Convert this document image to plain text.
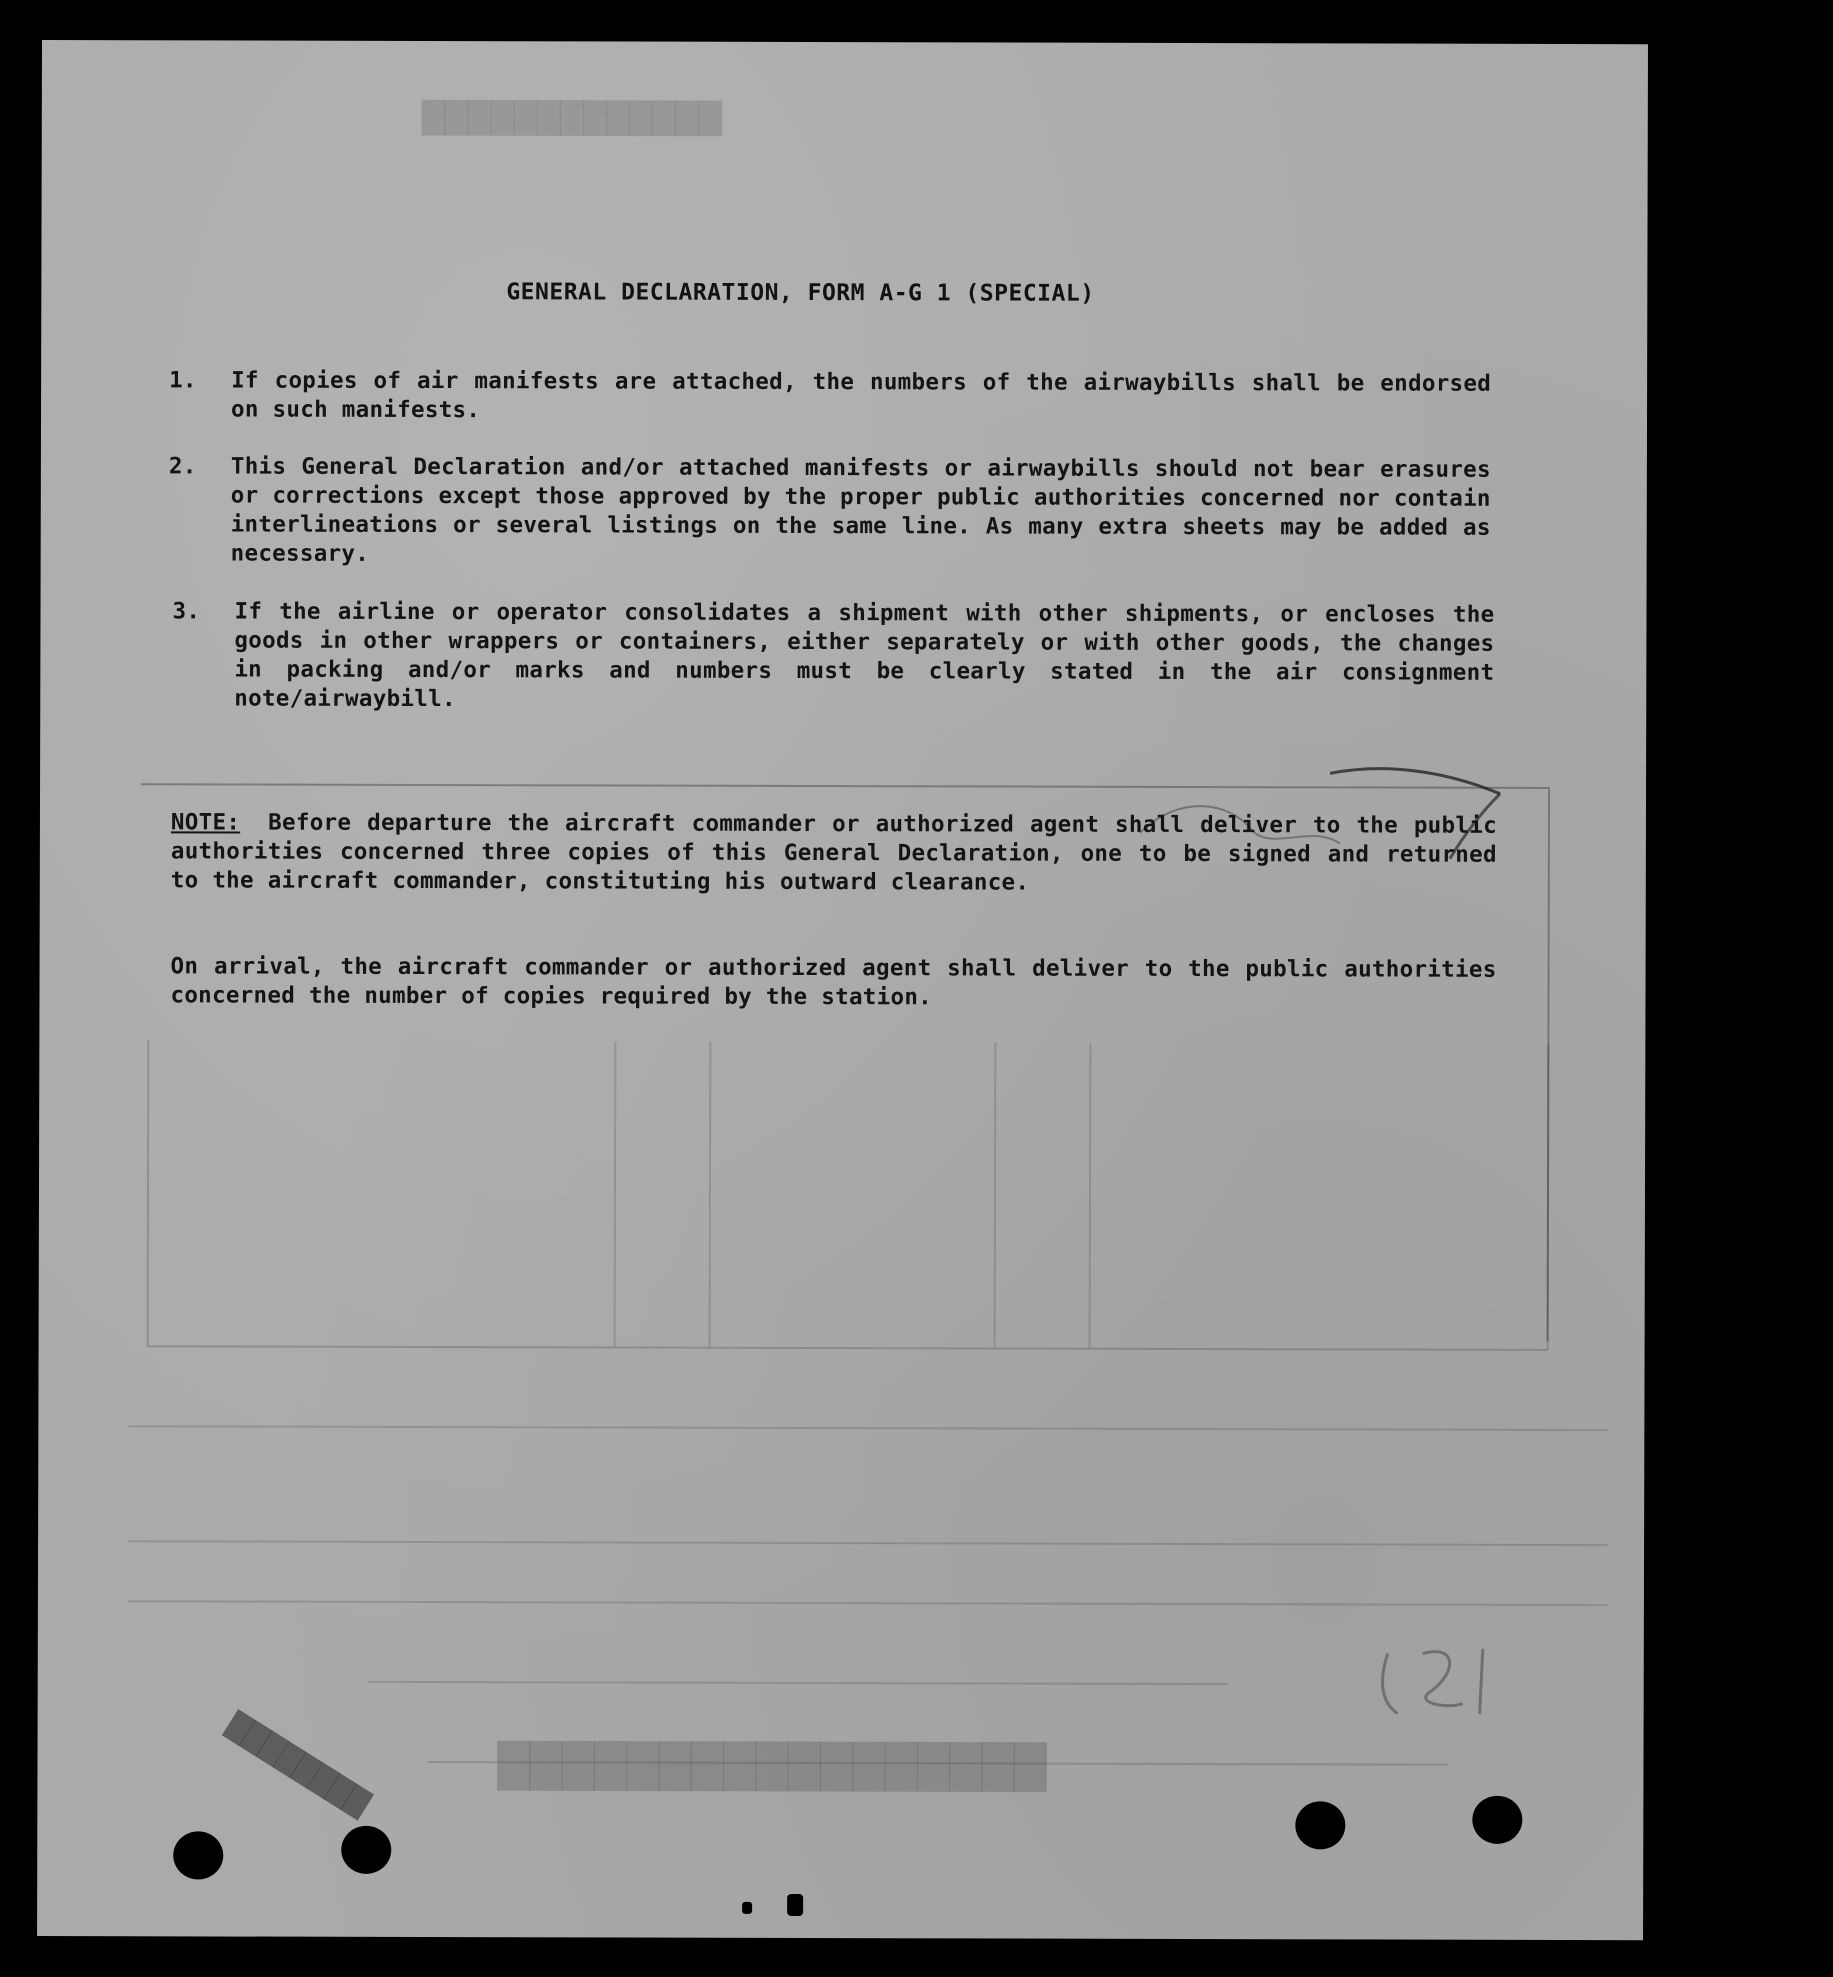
█████████████
█████████████████
GENERAL DECLARATION, FORM A-G 1 (SPECIAL)
1. If copies of air manifests are attached, the numbers of the airwaybills shall be endorsed on such manifests.
2. This General Declaration and/or attached manifests or airwaybills should not bear erasures or corrections except those approved by the proper public authorities concerned nor contain interlineations or several listings on the same line. As many extra sheets may be added as necessary.
3. If the airline or operator consolidates a shipment with other shipments, or encloses the goods in other wrappers or containers, either separately or with other goods, the changes in packing and/or marks and numbers must be clearly stated in the air consignment note/airwaybill.
NOTE: Before departure the aircraft commander or authorized agent shall deliver to the public authorities concerned three copies of this General Declaration, one to be signed and returned to the aircraft commander, constituting his outward clearance.
On arrival, the aircraft commander or authorized agent shall deliver to the public authorities concerned the number of copies required by the station.
████████
